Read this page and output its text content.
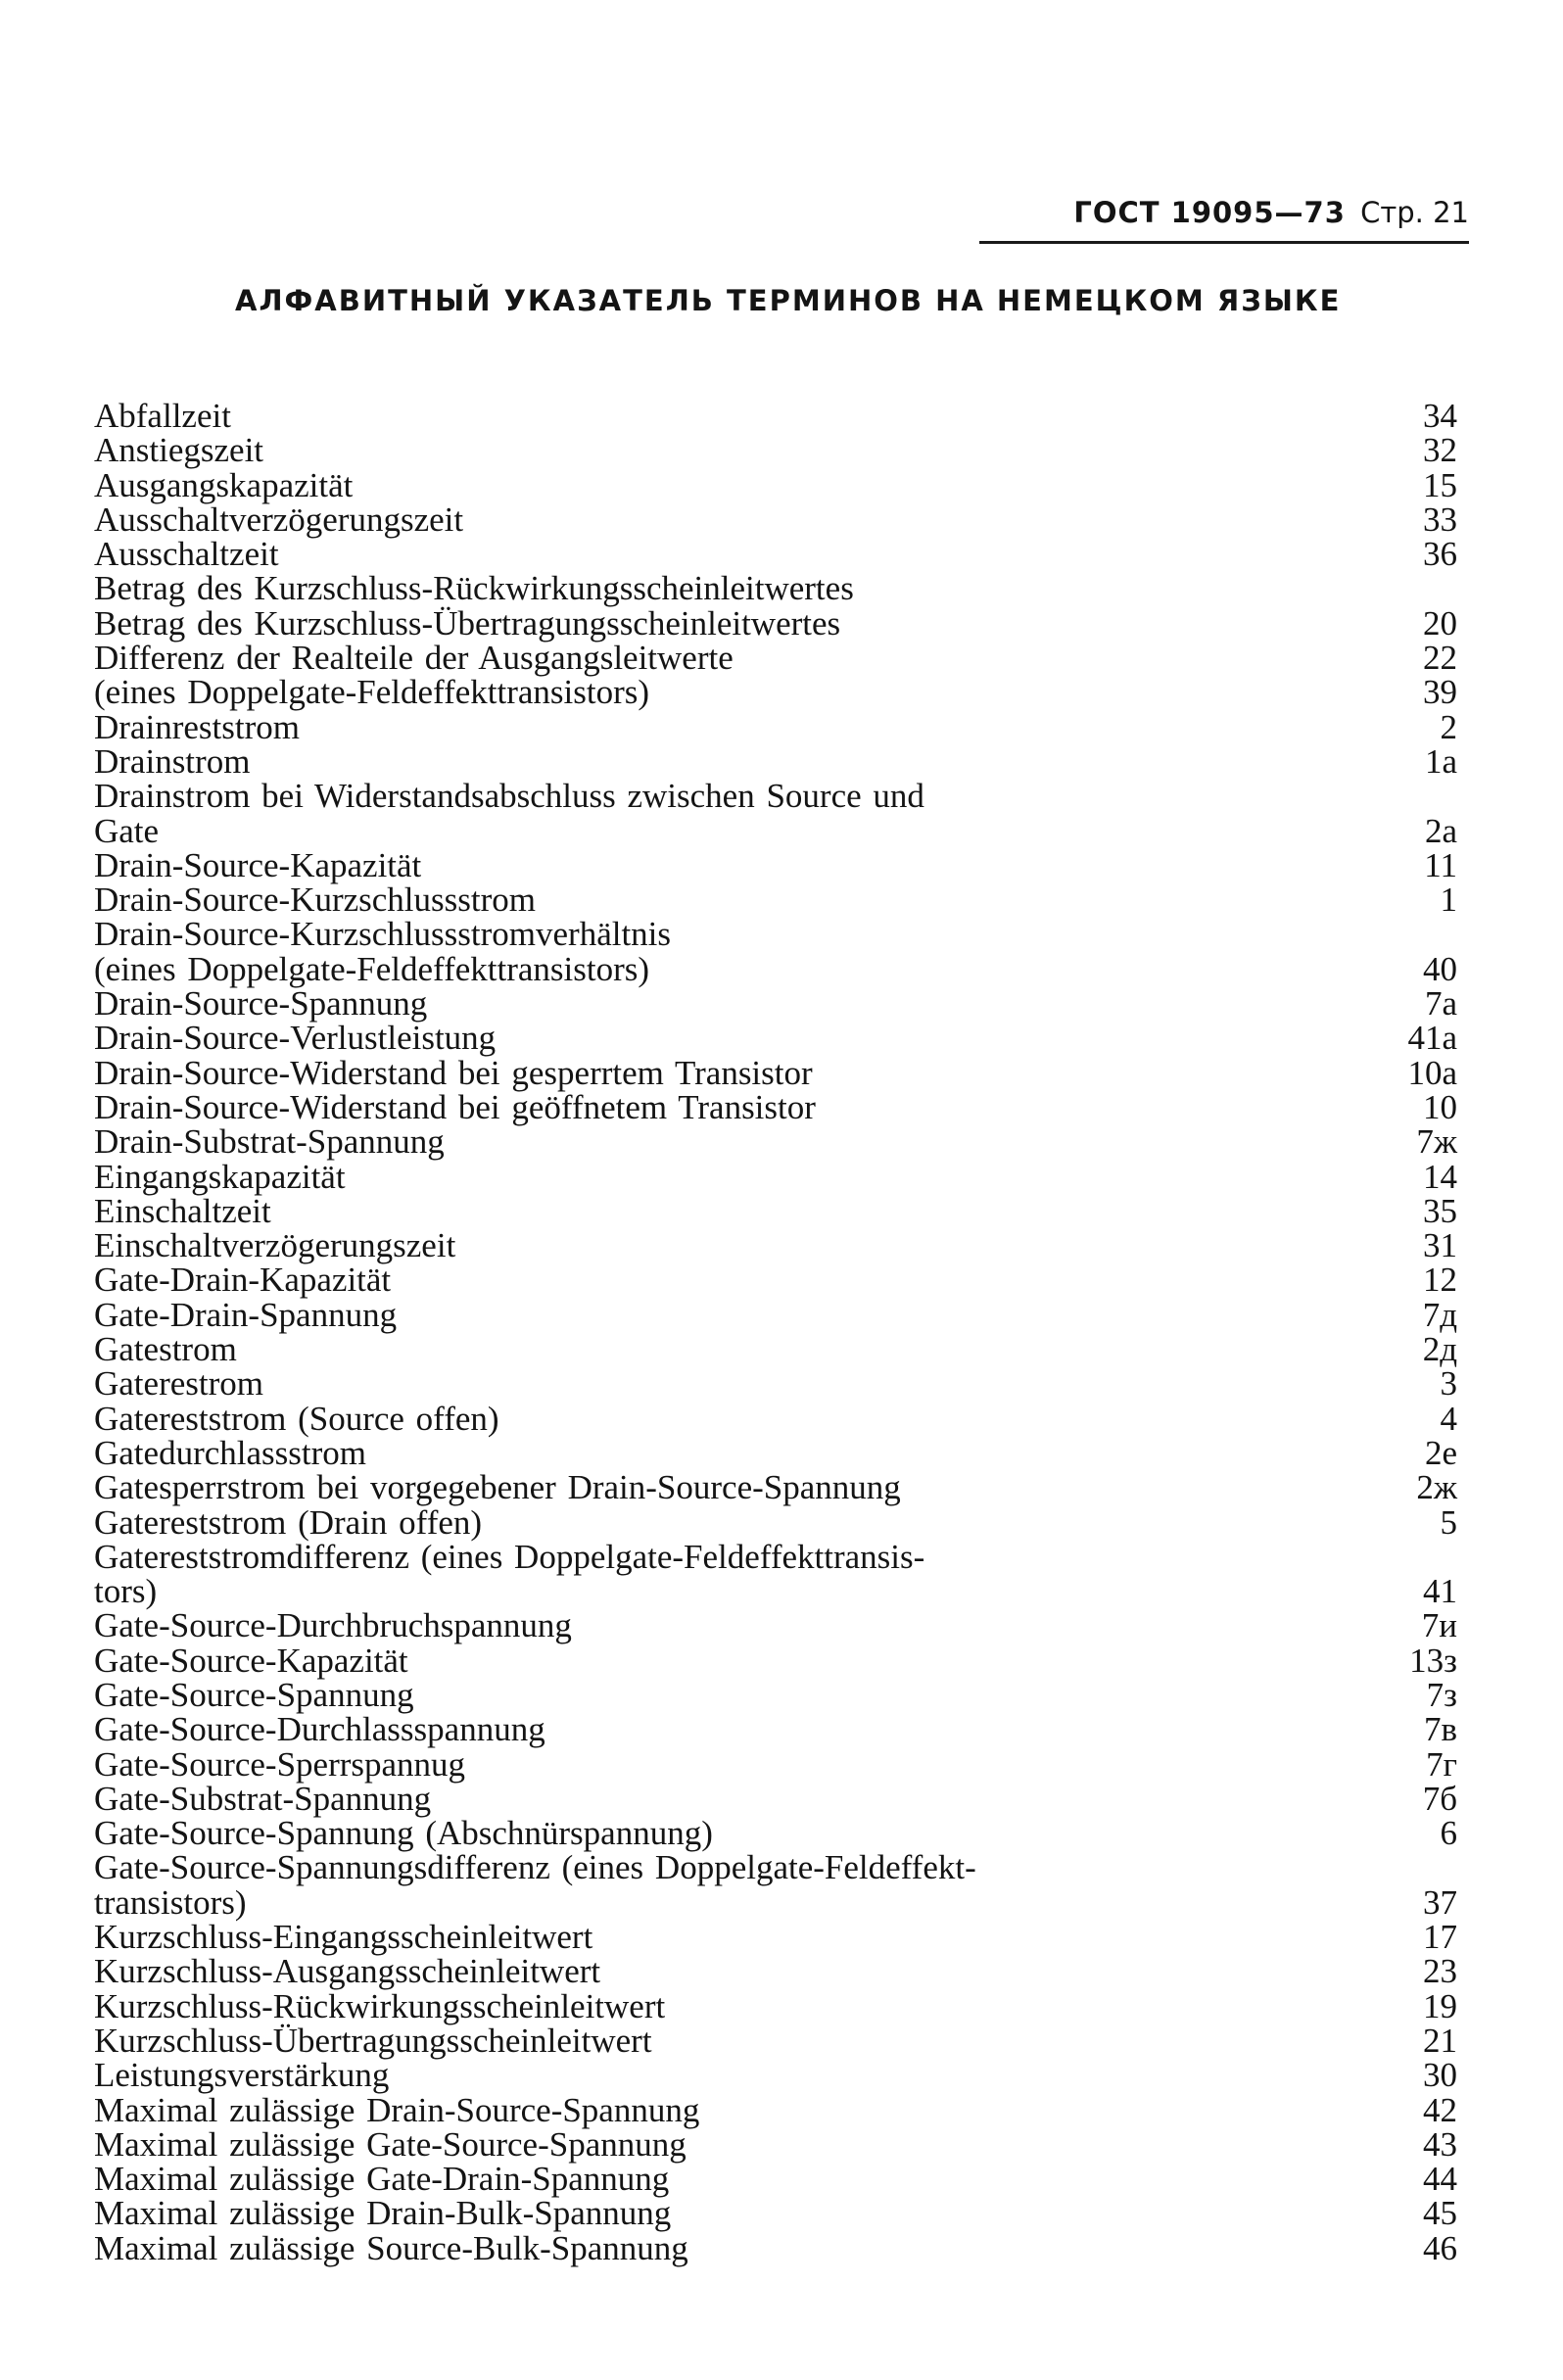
ГОСТ 19095—73 Стр. 21
АЛФАВИТНЫЙ УКАЗАТЕЛЬ ТЕРМИНОВ НА НЕМЕЦКОМ ЯЗЫКЕ
Abfallzeit	34
Anstiegszeit	32
Ausgangskapazität	15
Ausschaltverzögerungszeit	33
Ausschaltzeit	36
Betrag des Kurzschluss-Rückwirkungsscheinleitwertes
Betrag des Kurzschluss-Übertragungsscheinleitwertes	20
Differenz der Realteile der Ausgangsleitwerte	22
(eines Doppelgate-Feldeffekttransistors)	39
Drainreststrom	2
Drainstrom	1a
Drainstrom bei Widerstandsabschluss zwischen Source und
Gate	2a
Drain-Source-Kapazität	11
Drain-Source-Kurzschlussstrom	1
Drain-Source-Kurzschlussstromverhältnis
(eines Doppelgate-Feldeffekttransistors)	40
Drain-Source-Spannung	7a
Drain-Source-Verlustleistung	41a
Drain-Source-Widerstand bei gesperrtem Transistor	10a
Drain-Source-Widerstand bei geöffnetem Transistor	10
Drain-Substrat-Spannung	7ж
Eingangskapazität	14
Einschaltzeit	35
Einschaltverzögerungszeit	31
Gate-Drain-Kapazität	12
Gate-Drain-Spannung	7д
Gatestrom	2д
Gaterestrom	3
Gatereststrom (Source offen)	4
Gatedurchlassstrom	2e
Gatesperrstrom bei vorgegebener Drain-Source-Spannung	2ж
Gatereststrom (Drain offen)	5
Gatereststromdifferenz (eines Doppelgate-Feldeffekttransis-
tors)	41
Gate-Source-Durchbruchspannung	7и
Gate-Source-Kapazität	13з
Gate-Source-Spannung	7з
Gate-Source-Durchlassspannung	7в
Gate-Source-Sperrspannug	7г
Gate-Substrat-Spannung	7б
Gate-Source-Spannung (Abschnürspannung)	6
Gate-Source-Spannungsdifferenz (eines Doppelgate-Feldeffekt-
transistors)	37
Kurzschluss-Eingangsscheinleitwert	17
Kurzschluss-Ausgangsscheinleitwert	23
Kurzschluss-Rückwirkungsscheinleitwert	19
Kurzschluss-Übertragungsscheinleitwert	21
Leistungsverstärkung	30
Maximal zulässige Drain-Source-Spannung	42
Maximal zulässige Gate-Source-Spannung	43
Maximal zulässige Gate-Drain-Spannung	44
Maximal zulässige Drain-Bulk-Spannung	45
Maximal zulässige Source-Bulk-Spannung	46
